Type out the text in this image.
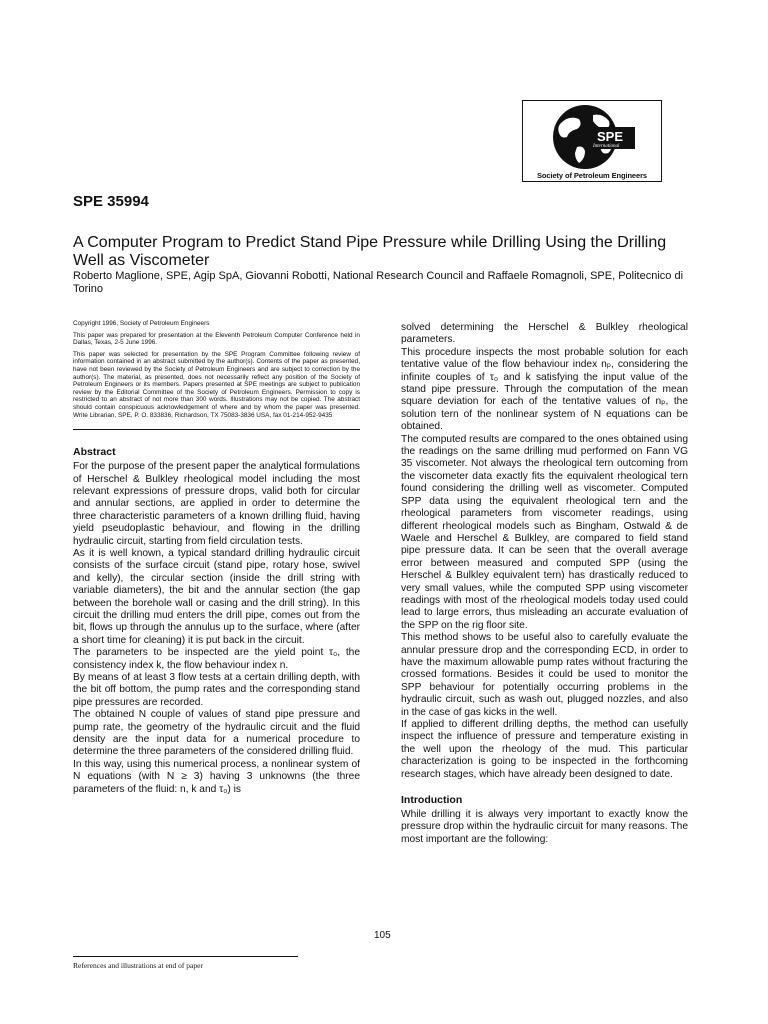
SPE
International
Society of Petroleum Engineers
SPE 35994
A Computer Program to Predict Stand Pipe Pressure while Drilling Using the Drilling Well as Viscometer
Roberto Maglione, SPE, Agip SpA, Giovanni Robotti, National Research Council and Raffaele Romagnoli, SPE, Politecnico di Torino

Copyright 1996, Society of Petroleum Engineers

This paper was prepared for presentation at the Eleventh Petroleum Computer Conference held in Dallas, Texas, 2-5 June 1996.

This paper was selected for presentation by the SPE Program Committee following review of information contained in an abstract submitted by the author(s). Contents of the paper as presented, have not been reviewed by the Society of Petroleum Engineers and are subject to correction by the author(s). The material, as presented, does not necessarily reflect any position of the Society of Petroleum Engineers or its members. Papers presented at SPE meetings are subject to publication review by the Editorial Committee of the Society of Petroleum Engineers. Permission to copy is restricted to an abstract of not more than 300 words. Illustrations may not be copied. The abstract should contain conspicuous acknowledgement of where and by whom the paper was presented. Write Librarian, SPE, P. O. 833836, Richardson, TX 75083-3836 USA, fax 01-214-952-9435

Abstract

For the purpose of the present paper the analytical formulations of Herschel & Bulkley rheological model including the most relevant expressions of pressure drops, valid both for circular and annular sections, are applied in order to determine the three characteristic parameters of a known drilling fluid, having yield pseudoplastic behaviour, and flowing in the drilling hydraulic circuit, starting from field circulation tests.

As it is well known, a typical standard drilling hydraulic circuit consists of the surface circuit (stand pipe, rotary hose, swivel and kelly), the circular section (inside the drill string with variable diameters), the bit and the annular section (the gap between the borehole wall or casing and the drill string). In this circuit the drilling mud enters the drill pipe, comes out from the bit, flows up through the annulus up to the surface, where (after a short time for cleaning) it is put back in the circuit.

The parameters to be inspected are the yield point τ₀, the consistency index k, the flow behaviour index n.

By means of at least 3 flow tests at a certain drilling depth, with the bit off bottom, the pump rates and the corresponding stand pipe pressures are recorded.

The obtained N couple of values of stand pipe pressure and pump rate, the geometry of the hydraulic circuit and the fluid density are the input data for a numerical procedure to determine the three parameters of the considered drilling fluid.

In this way, using this numerical process, a nonlinear system of N equations (with N ≥ 3) having 3 unknowns (the three parameters of the fluid: n, k and τ₀) is

solved determining the Herschel & Bulkley rheological parameters.

This procedure inspects the most probable solution for each tentative value of the flow behaviour index nₚ, considering the infinite couples of τ₀ and k satisfying the input value of the stand pipe pressure. Through the computation of the mean square deviation for each of the tentative values of nₚ, the solution tern of the nonlinear system of N equations can be obtained.

The computed results are compared to the ones obtained using the readings on the same drilling mud performed on Fann VG 35 viscometer. Not always the rheological tern outcoming from the viscometer data exactly fits the equivalent rheological tern found considering the drilling well as viscometer. Computed SPP data using the equivalent rheological tern and the rheological parameters from viscometer readings, using different rheological models such as Bingham, Ostwald & de Waele and Herschel & Bulkley, are compared to field stand pipe pressure data. It can be seen that the overall average error between measured and computed SPP (using the Herschel & Bulkley equivalent tern) has drastically reduced to very small values, while the computed SPP using viscometer readings with most of the rheological models today used could lead to large errors, thus misleading an accurate evaluation of the SPP on the rig floor site.

This method shows to be useful also to carefully evaluate the annular pressure drop and the corresponding ECD, in order to have the maximum allowable pump rates without fracturing the crossed formations. Besides it could be used to monitor the SPP behaviour for potentially occurring problems in the hydraulic circuit, such as wash out, plugged nozzles, and also in the case of gas kicks in the well.

If applied to different drilling depths, the method can usefully inspect the influence of pressure and temperature existing in the well upon the rheology of the mud. This particular characterization is going to be inspected in the forthcoming research stages, which have already been designed to date.

Introduction

While drilling it is always very important to exactly know the pressure drop within the hydraulic circuit for many reasons. The most important are the following:

105
References and illustrations at end of paper
